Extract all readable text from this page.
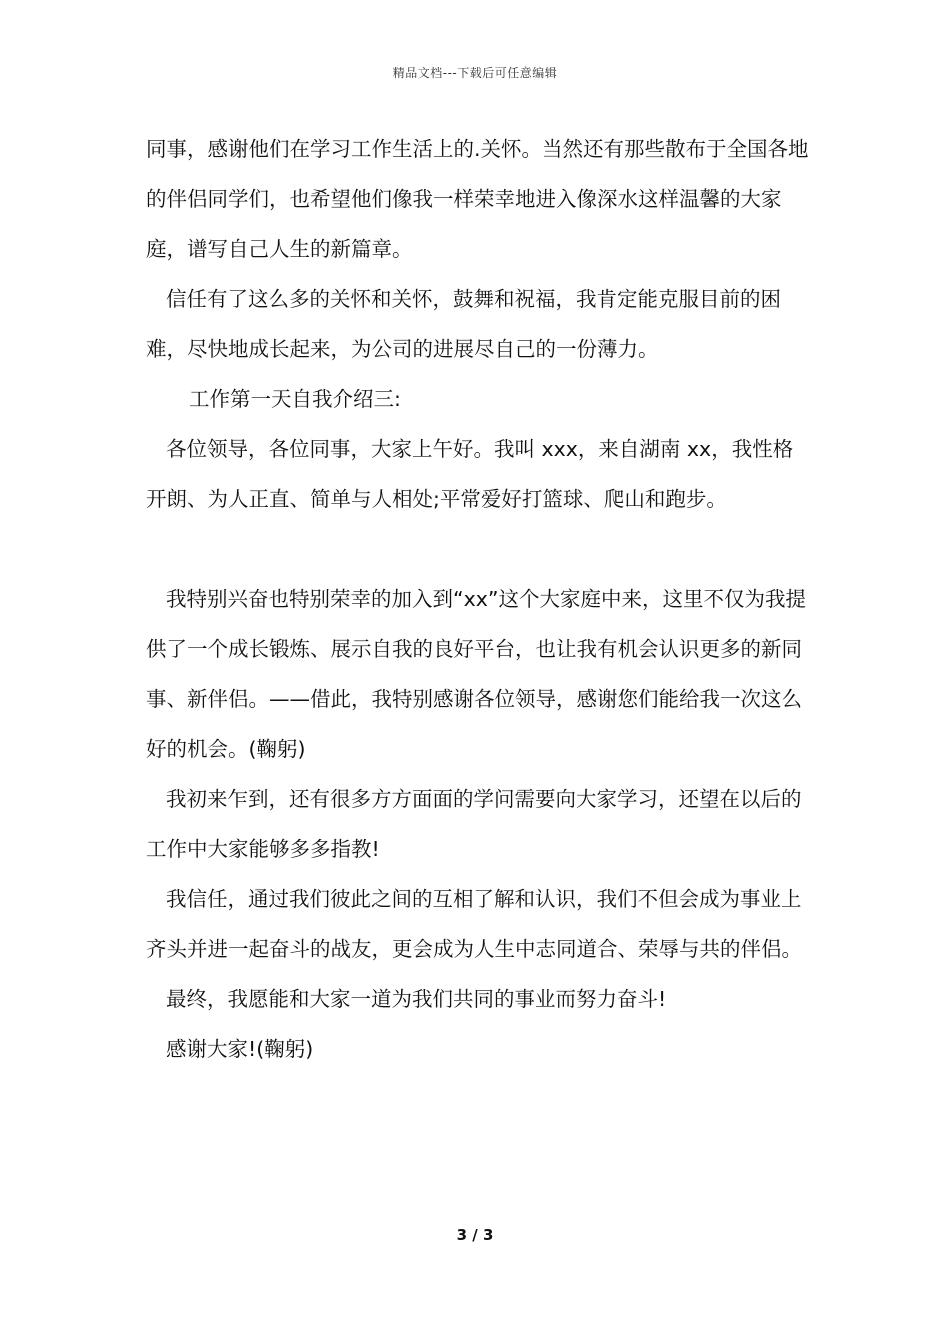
精品文档---下载后可任意编辑

同事，感谢他们在学习工作生活上的.关怀。当然还有那些散布于全国各地的伴侣同学们，也希望他们像我一样荣幸地进入像深水这样温馨的大家庭，谱写自己人生的新篇章。

信任有了这么多的关怀和关怀，鼓舞和祝福，我肯定能克服目前的困难，尽快地成长起来，为公司的进展尽自己的一份薄力。

工作第一天自我介绍三:

各位领导，各位同事，大家上午好。我叫 xxx，来自湖南 xx，我性格开朗、为人正直、简单与人相处;平常爱好打篮球、爬山和跑步。

我特别兴奋也特别荣幸的加入到“xx”这个大家庭中来，这里不仅为我提供了一个成长锻炼、展示自我的良好平台，也让我有机会认识更多的新同事、新伴侣。——借此，我特别感谢各位领导，感谢您们能给我一次这么好的机会。(鞠躬)

我初来乍到，还有很多方方面面的学问需要向大家学习，还望在以后的工作中大家能够多多指教!

我信任，通过我们彼此之间的互相了解和认识，我们不但会成为事业上齐头并进一起奋斗的战友，更会成为人生中志同道合、荣辱与共的伴侣。

最终，我愿能和大家一道为我们共同的事业而努力奋斗!

感谢大家!(鞠躬)

3 / 3
